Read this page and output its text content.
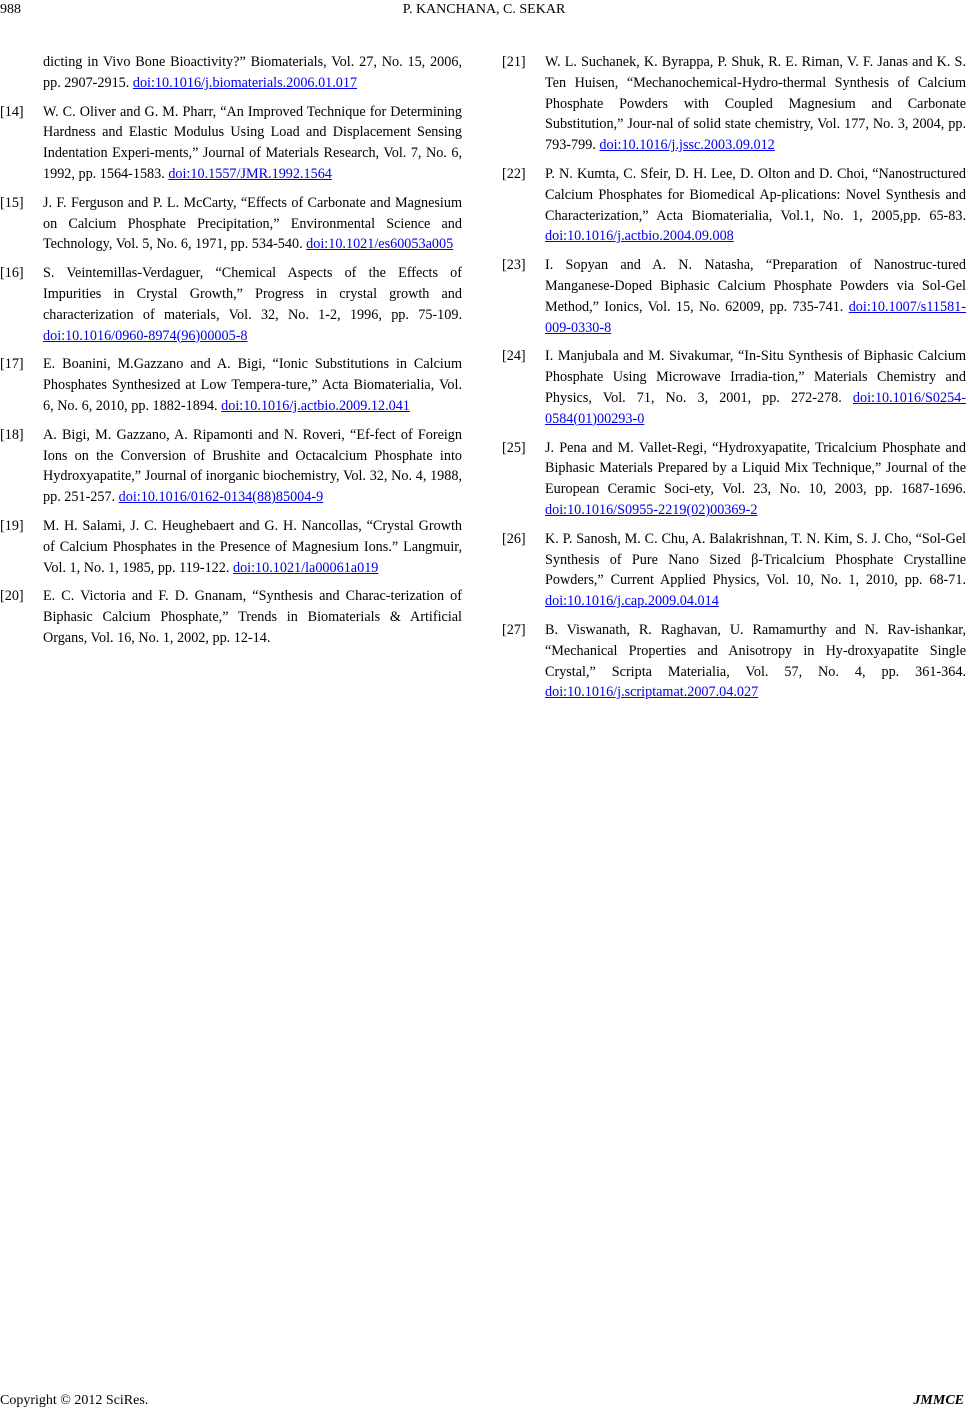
988	P. KANCHANA, C. SEKAR
dicting in Vivo Bone Bioactivity?” Biomaterials, Vol. 27, No. 15, 2006, pp. 2907-2915. doi:10.1016/j.biomaterials.2006.01.017
[14] W. C. Oliver and G. M. Pharr, “An Improved Technique for Determining Hardness and Elastic Modulus Using Load and Displacement Sensing Indentation Experi-ments,” Journal of Materials Research, Vol. 7, No. 6, 1992, pp. 1564-1583. doi:10.1557/JMR.1992.1564
[15] J. F. Ferguson and P. L. McCarty, “Effects of Carbonate and Magnesium on Calcium Phosphate Precipitation,” Environmental Science and Technology, Vol. 5, No. 6, 1971, pp. 534-540. doi:10.1021/es60053a005
[16] S. Veintemillas-Verdaguer, “Chemical Aspects of the Effects of Impurities in Crystal Growth,” Progress in crystal growth and characterization of materials, Vol. 32, No. 1-2, 1996, pp. 75-109. doi:10.1016/0960-8974(96)00005-8
[17] E. Boanini, M.Gazzano and A. Bigi, “Ionic Substitutions in Calcium Phosphates Synthesized at Low Tempera-ture,” Acta Biomaterialia, Vol. 6, No. 6, 2010, pp. 1882-1894. doi:10.1016/j.actbio.2009.12.041
[18] A. Bigi, M. Gazzano, A. Ripamonti and N. Roveri, “Ef-fect of Foreign Ions on the Conversion of Brushite and Octacalcium Phosphate into Hydroxyapatite,” Journal of inorganic biochemistry, Vol. 32, No. 4, 1988, pp. 251-257. doi:10.1016/0162-0134(88)85004-9
[19] M. H. Salami, J. C. Heughebaert and G. H. Nancollas, “Crystal Growth of Calcium Phosphates in the Presence of Magnesium Ions.” Langmuir, Vol. 1, No. 1, 1985, pp. 119-122. doi:10.1021/la00061a019
[20] E. C. Victoria and F. D. Gnanam, “Synthesis and Charac-terization of Biphasic Calcium Phosphate,” Trends in Biomaterials & Artificial Organs, Vol. 16, No. 1, 2002, pp. 12-14.
[21] W. L. Suchanek, K. Byrappa, P. Shuk, R. E. Riman, V. F. Janas and K. S. Ten Huisen, “Mechanochemical-Hydro-thermal Synthesis of Calcium Phosphate Powders with Coupled Magnesium and Carbonate Substitution,” Jour-nal of solid state chemistry, Vol. 177, No. 3, 2004, pp. 793-799. doi:10.1016/j.jssc.2003.09.012
[22] P. N. Kumta, C. Sfeir, D. H. Lee, D. Olton and D. Choi, “Nanostructured Calcium Phosphates for Biomedical Ap-plications: Novel Synthesis and Characterization,” Acta Biomaterialia, Vol.1, No. 1, 2005,pp. 65-83. doi:10.1016/j.actbio.2004.09.008
[23] I. Sopyan and A. N. Natasha, “Preparation of Nanostruc-tured Manganese-Doped Biphasic Calcium Phosphate Powders via Sol-Gel Method,” Ionics, Vol. 15, No. 62009, pp. 735-741. doi:10.1007/s11581-009-0330-8
[24] I. Manjubala and M. Sivakumar, “In-Situ Synthesis of Biphasic Calcium Phosphate Using Microwave Irradia-tion,” Materials Chemistry and Physics, Vol. 71, No. 3, 2001, pp. 272-278. doi:10.1016/S0254-0584(01)00293-0
[25] J. Pena and M. Vallet-Regi, “Hydroxyapatite, Tricalcium Phosphate and Biphasic Materials Prepared by a Liquid Mix Technique,” Journal of the European Ceramic Soci-ety, Vol. 23, No. 10, 2003, pp. 1687-1696. doi:10.1016/S0955-2219(02)00369-2
[26] K. P. Sanosh, M. C. Chu, A. Balakrishnan, T. N. Kim, S. J. Cho, “Sol-Gel Synthesis of Pure Nano Sized β-Tricalcium Phosphate Crystalline Powders,” Current Applied Physics, Vol. 10, No. 1, 2010, pp. 68-71. doi:10.1016/j.cap.2009.04.014
[27] B. Viswanath, R. Raghavan, U. Ramamurthy and N. Rav-ishankar, “Mechanical Properties and Anisotropy in Hy-droxyapatite Single Crystal,” Scripta Materialia, Vol. 57, No. 4, pp. 361-364. doi:10.1016/j.scriptamat.2007.04.027
Copyright © 2012 SciRes.	JMMCE
